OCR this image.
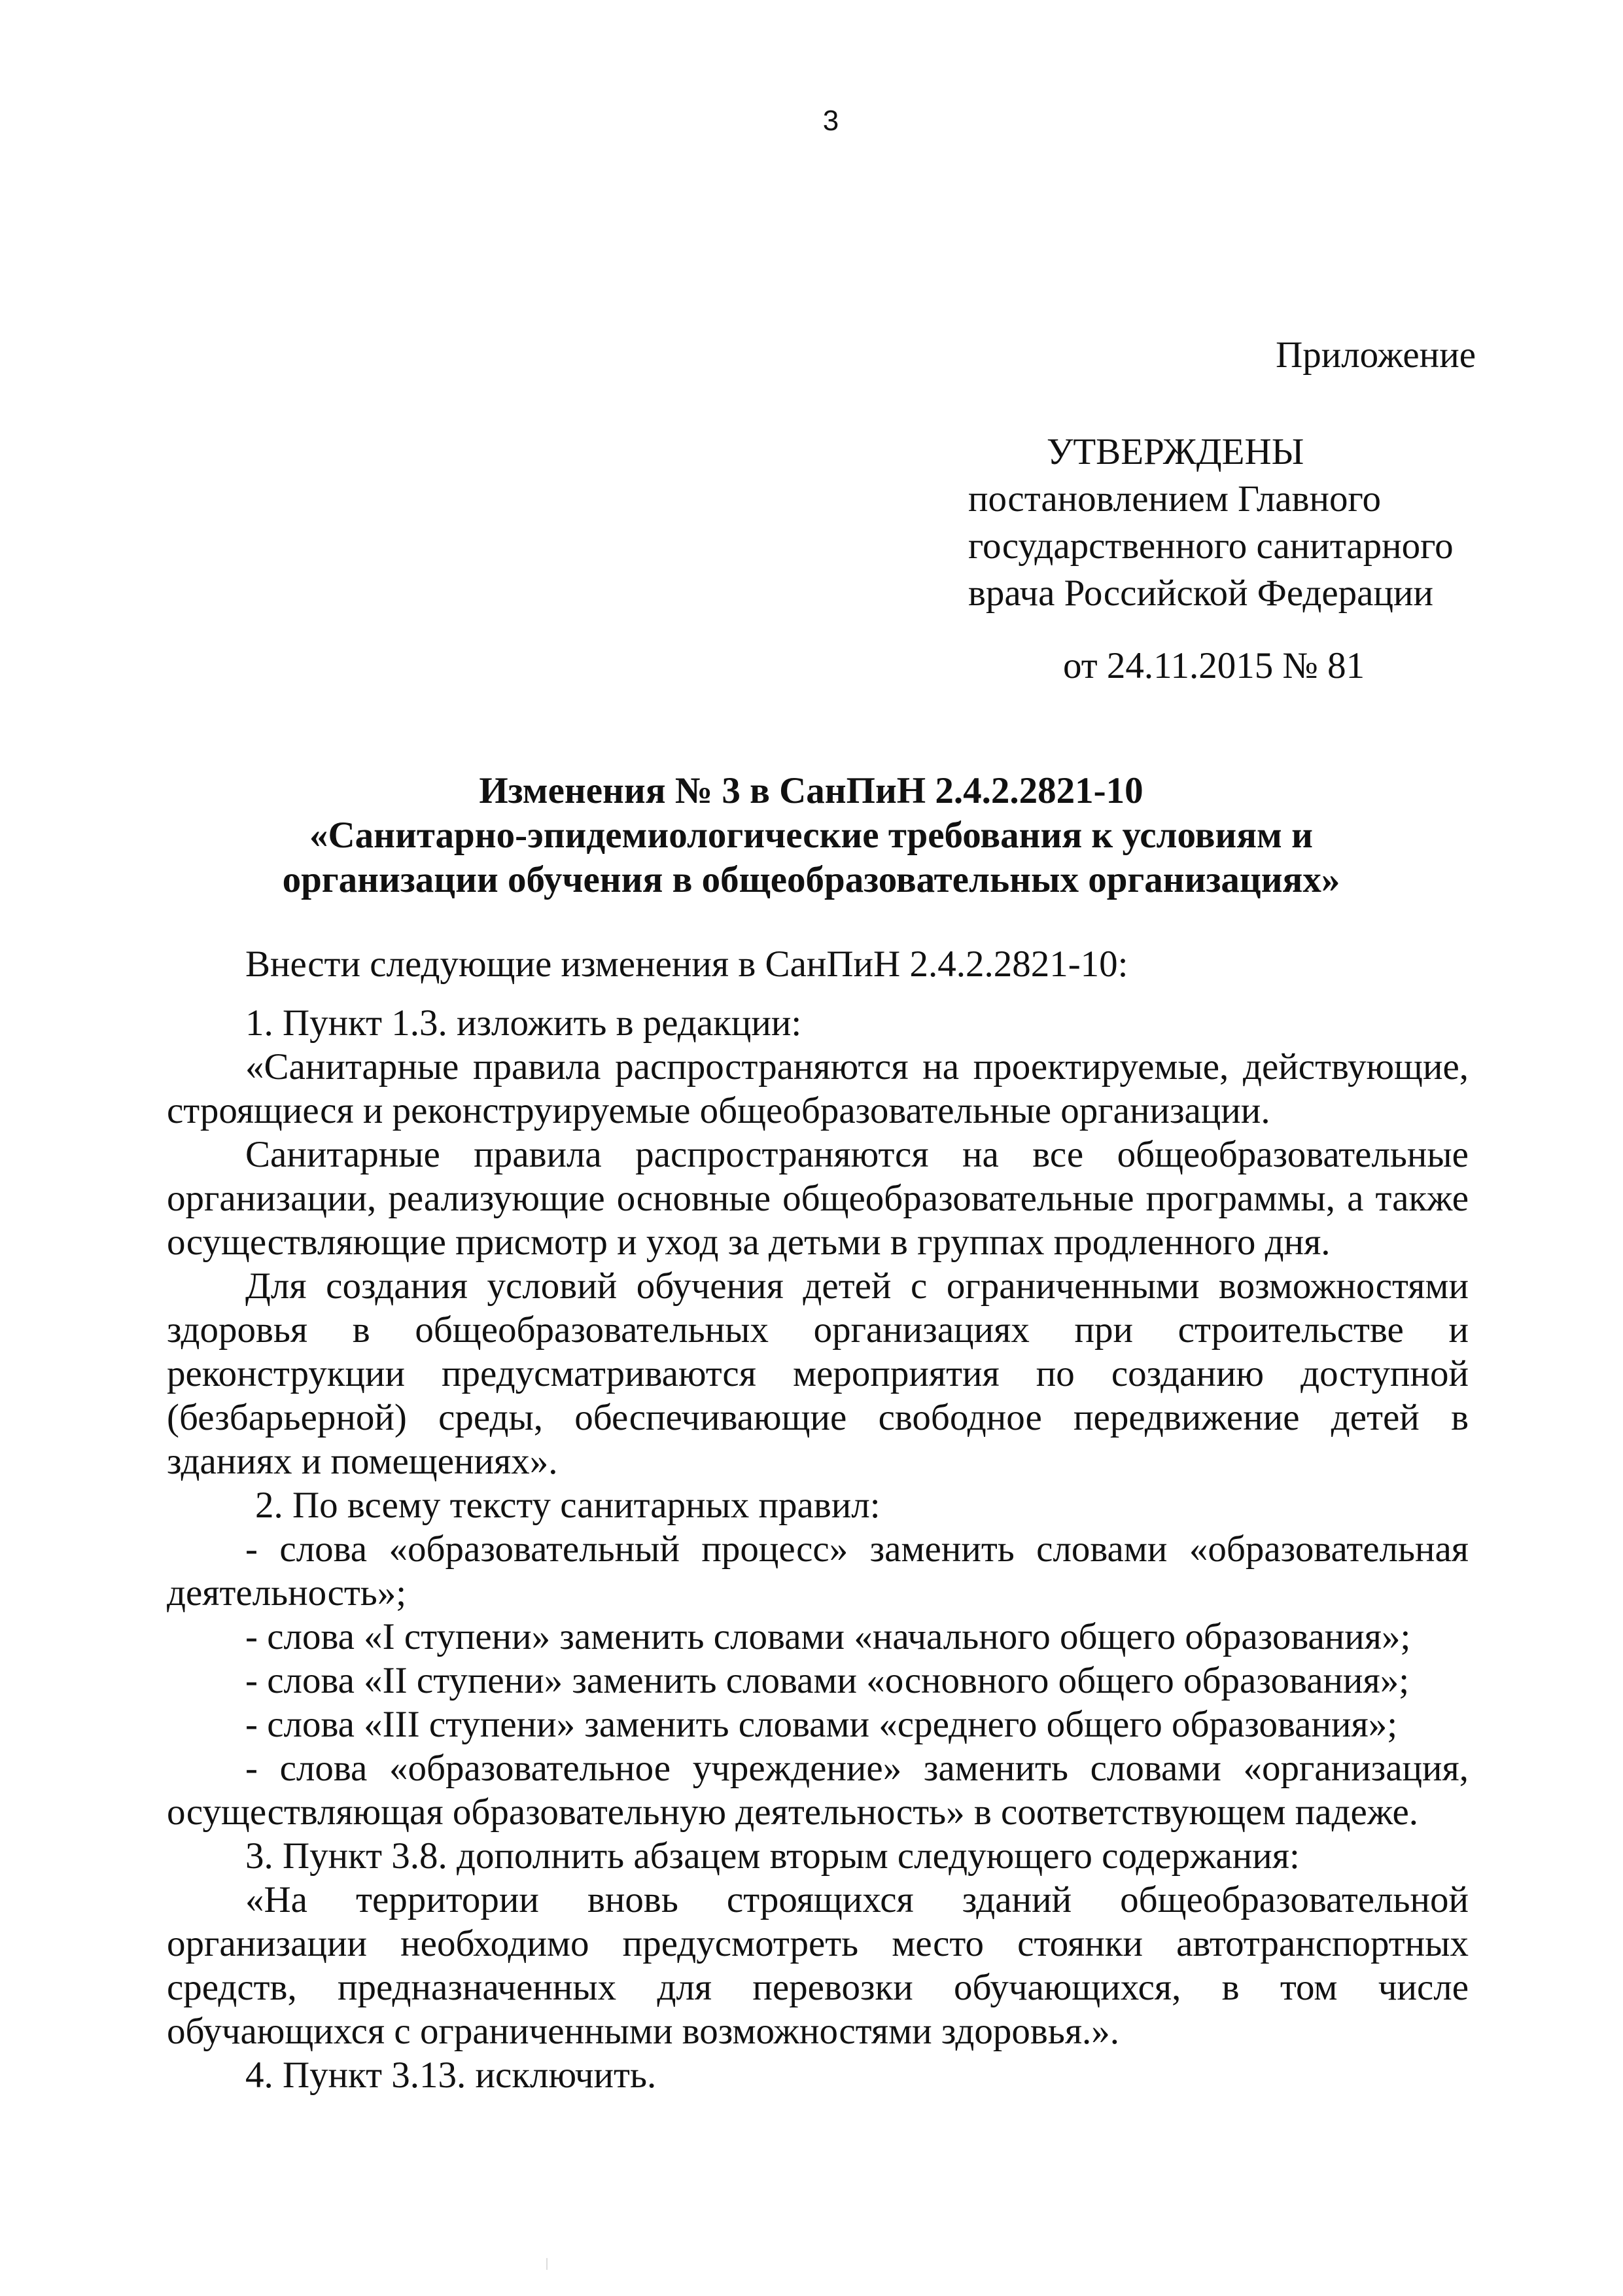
3
Приложение
УТВЕРЖДЕНЫ
постановлением Главного
государственного санитарного
врача Российской Федерации
от 24.11.2015 № 81
Изменения № 3 в СанПиН 2.4.2.2821-10
«Санитарно-эпидемиологические требования к условиям и
организации обучения в общеобразовательных организациях»

Внести следующие изменения в СанПиН 2.4.2.2821-10:

1. Пункт 1.3. изложить в редакции:

«Санитарные правила распространяются на проектируемые, действующие, строящиеся и реконструируемые общеобразовательные организации.

Санитарные правила распространяются на все общеобразовательные организации, реализующие основные общеобразовательные программы, а также осуществляющие присмотр и уход за детьми в группах продленного дня.

Для создания условий обучения детей с ограниченными возможностями здоровья в общеобразовательных организациях при строительстве и реконструкции предусматриваются мероприятия по созданию доступной (безбарьерной) среды, обеспечивающие свободное передвижение детей в зданиях и помещениях».

2. По всему тексту санитарных правил:

- слова «образовательный процесс» заменить словами «образовательная деятельность»;

- слова «I ступени» заменить словами «начального общего образования»;

- слова «II ступени» заменить словами «основного общего образования»;

- слова «III ступени» заменить словами «среднего общего образования»;

- слова «образовательное учреждение» заменить словами «организация, осуществляющая образовательную деятельность» в соответствующем падеже.

3. Пункт 3.8. дополнить абзацем вторым следующего содержания:

«На территории вновь строящихся зданий общеобразовательной организации необходимо предусмотреть место стоянки автотранспортных средств, предназначенных для перевозки обучающихся, в том числе обучающихся с ограниченными возможностями здоровья.».

4. Пункт 3.13. исключить.
